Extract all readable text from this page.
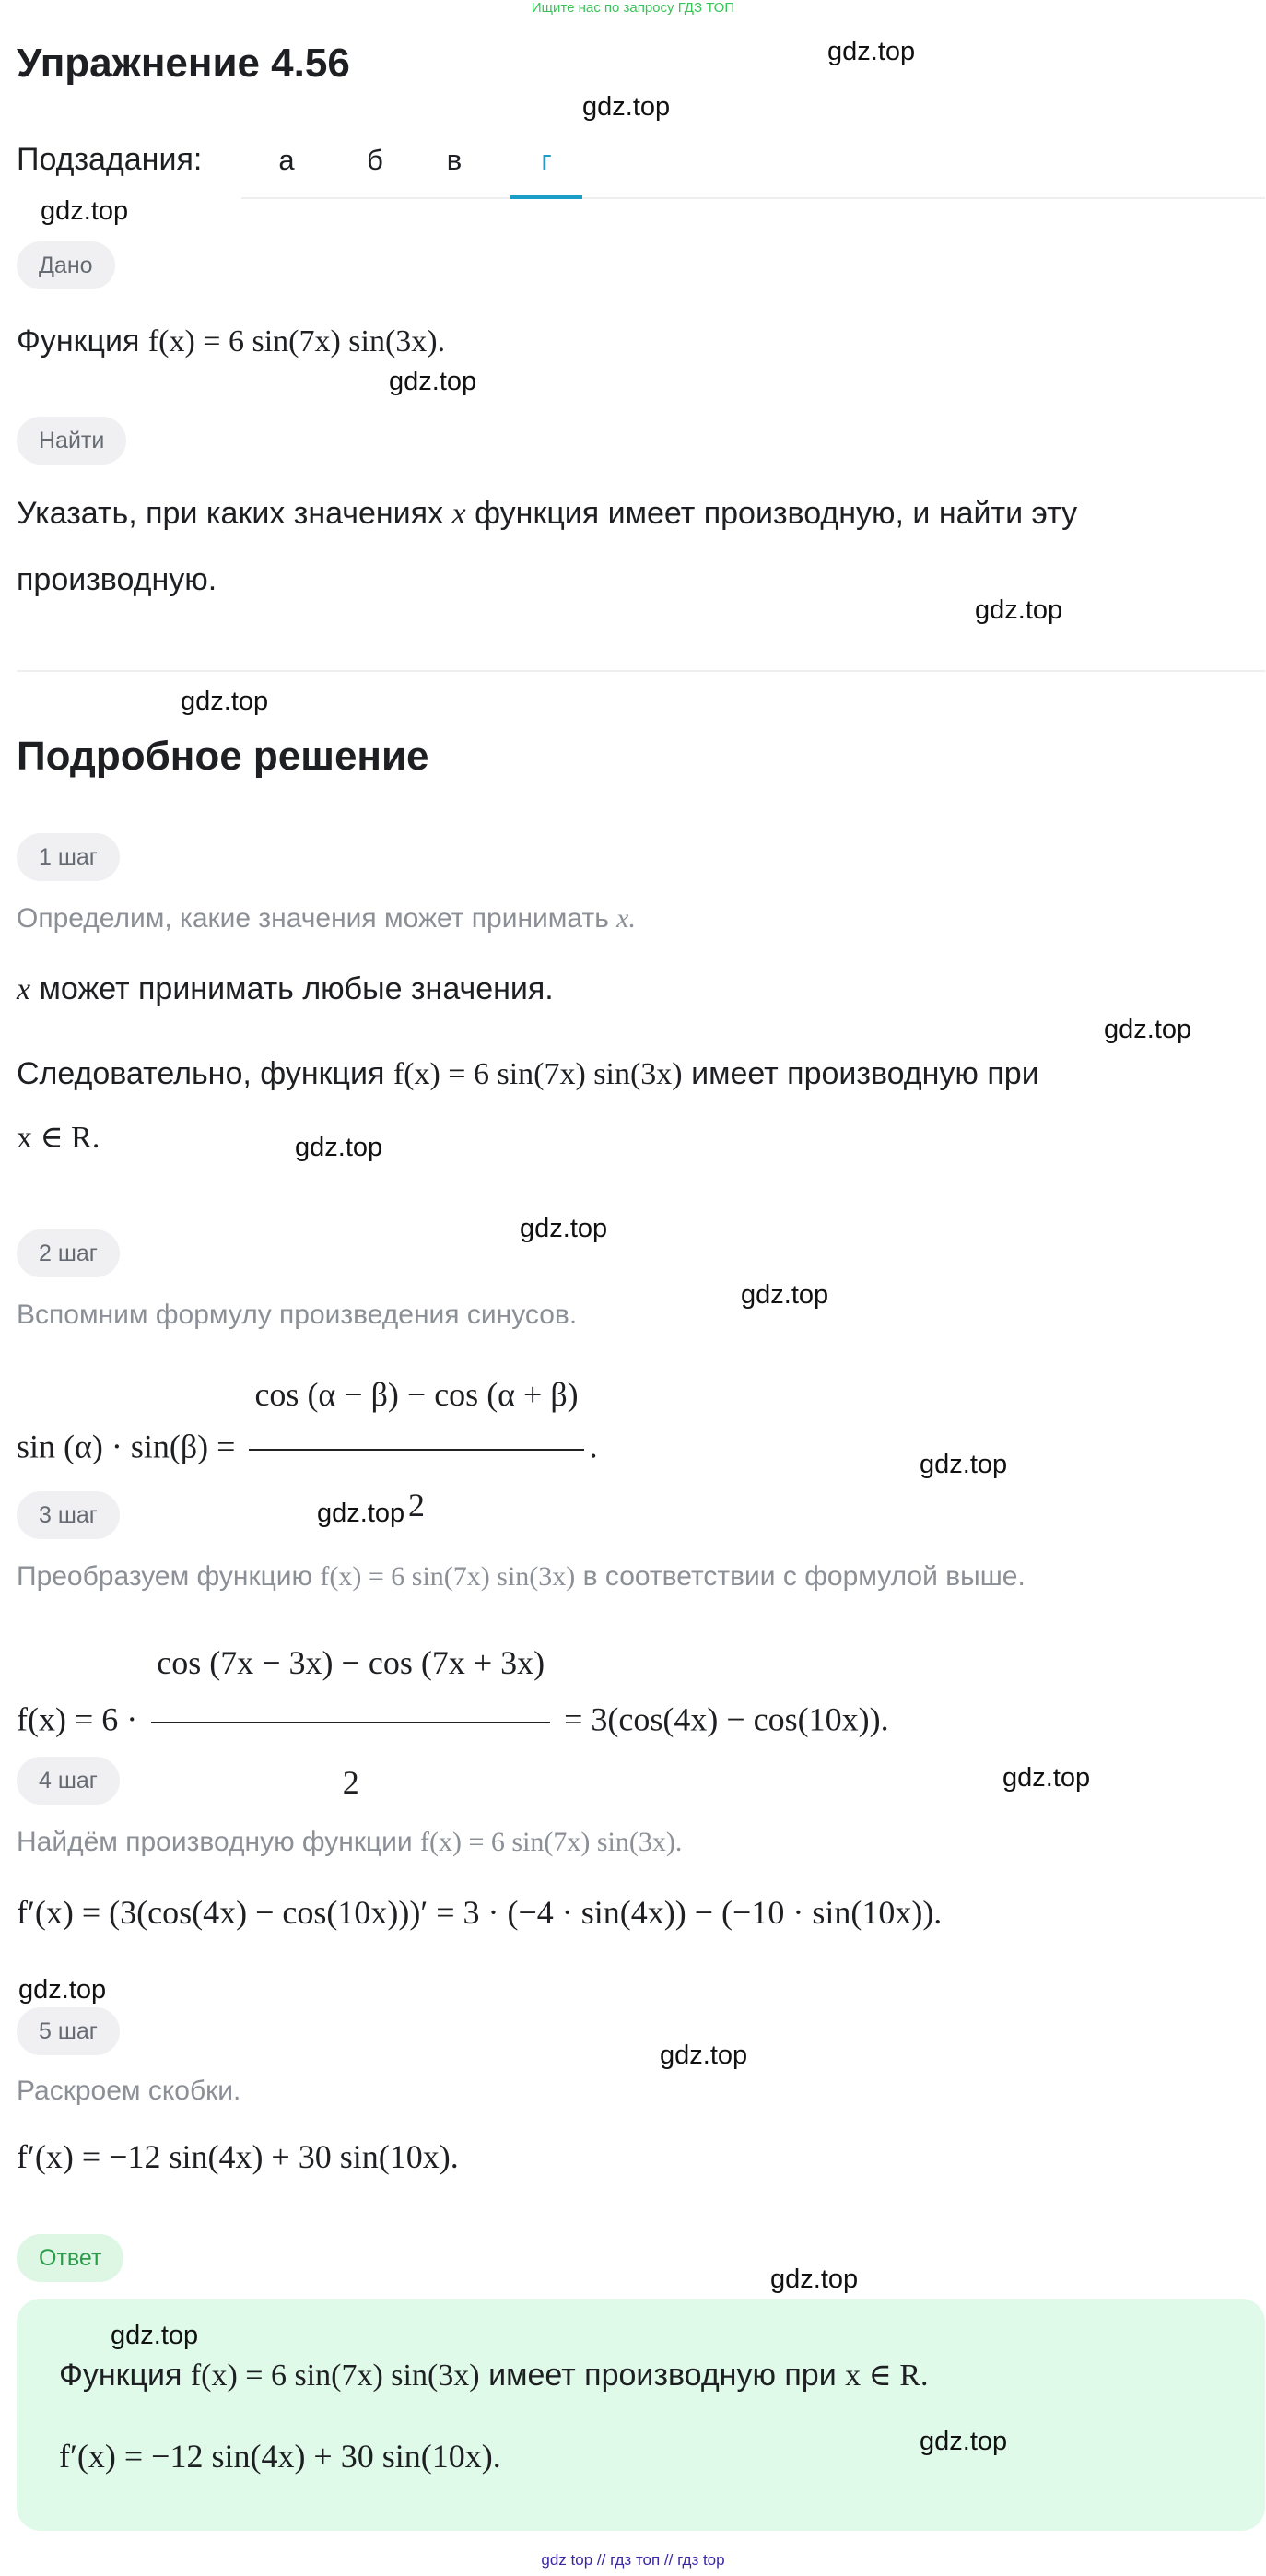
Ищите нас по запросу ГДЗ ТОП
Упражнение 4.56
Подзадания:	а	б	в	г
Дано
Функция f(x) = 6 sin(7x) sin(3x).
Найти
Указать, при каких значениях x функция имеет производную, и найти эту
производную.
Подробное решение
1 шаг
Определим, какие значения может принимать x.
x может принимать любые значения.
Следовательно, функция f(x) = 6 sin(7x) sin(3x) имеет производную при
x ∈ R.
2 шаг
Вспомним формулу произведения синусов.
$\sin (\alpha) \cdot \sin(\beta) = \frac{\cos (\alpha - \beta) - \cos (\alpha + \beta)}{2}$ .
3 шаг
Преобразуем функцию f(x) = 6 sin(7x) sin(3x) в соответствии с формулой выше.
$f(x) = 6 \cdot \frac{\cos (7x - 3x) - \cos (7x + 3x)}{2} = 3(\cos(4x) - \cos(10x))$.
4 шаг
Найдём производную функции f(x) = 6 sin(7x) sin(3x).
f′(x) = (3(cos(4x) − cos(10x)))′ = 3 · (−4 · sin(4x)) − (−10 · sin(10x)).
5 шаг
Раскроем скобки.
f′(x) = −12 sin(4x) + 30 sin(10x).
Ответ
Функция f(x) = 6 sin(7x) sin(3x) имеет производную при x ∈ R.
f′(x) = −12 sin(4x) + 30 sin(10x).
gdz.top
gdz.top
gdz.top
gdz.top
gdz.top
gdz.top
gdz.top
gdz.top
gdz.top
gdz.top
gdz.top
gdz.top
gdz.top
gdz.top
gdz.top
gdz.top
gdz.top
gdz.top
gdz top // гдз топ // гдз top
